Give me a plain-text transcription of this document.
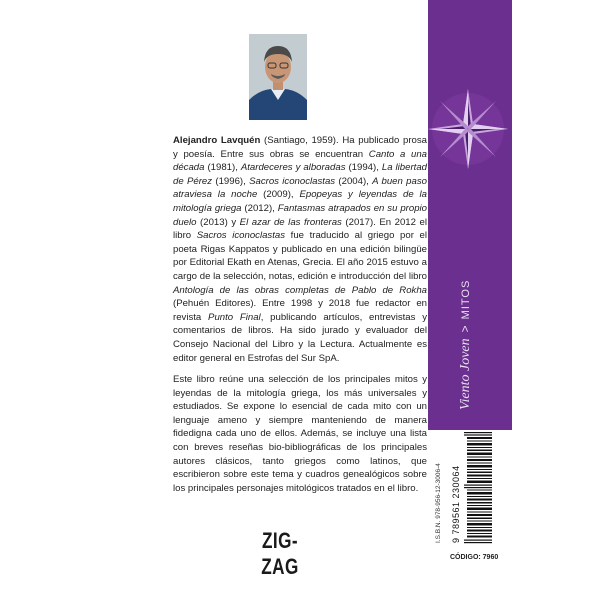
Alejandro Lavquén (Santiago, 1959). Ha publicado prosa y poesía. Entre sus obras se encuentran Canto a una década (1981), Atardeceres y alboradas (1994), La libertad de Pérez (1996), Sacros iconoclastas (2004), A buen paso atraviesa la noche (2009), Epopeyas y leyendas de la mitología griega (2012), Fantasmas atrapados en su propio duelo (2013) y El azar de las fronteras (2017). En 2012 el libro Sacros iconoclastas fue traducido al griego por el poeta Rigas Kappatos y publicado en una edición bilingüe por Editorial Ekath en Atenas, Grecia. El año 2015 estuvo a cargo de la selección, notas, edición e introducción del libro Antología de las obras completas de Pablo de Rokha (Pehuén Editores). Entre 1998 y 2018 fue redactor en revista Punto Final, publicando artículos, entrevistas y comentarios de libros. Ha sido jurado y evaluador del Consejo Nacional del Libro y la Lectura. Actualmente es editor general en Estrofas del Sur SpA.

Este libro reúne una selección de los principales mitos y leyendas de la mitología griega, los más universales y estudiados. Se expone lo esencial de cada mito con un lenguaje ameno y siempre manteniendo de manera fidedigna cada uno de ellos. Además, se incluye una lista con breves reseñas bio-bibliográficas de los principales autores clásicos, tanto griegos como latinos, que escribieron sobre este tema y cuadros genealógicos sobre los principales personajes mitológicos tratados en el libro.

ZIG-ZAG
Viento Joven>MITOS
I.S.B.N. 978-956-12-3006-4	9 789561 230064
CÓDIGO: 7960
